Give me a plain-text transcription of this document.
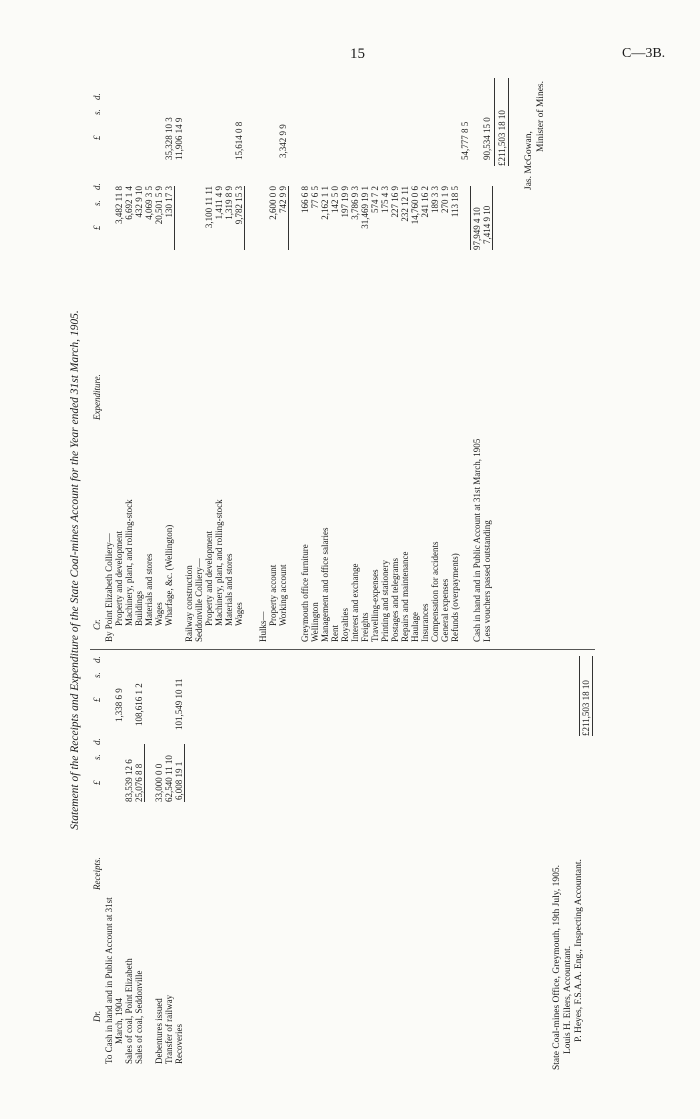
15	C—3B.
Statement of the Receipts and Expenditure of the State Coal-mines Account for the Year ended 31st March, 1905.
Dr.
Receipts.
£
s.
d.
£
s.
d.
To Cash in hand and in Public Account at 31st March, 1904
1,338 6 9
Sales of coal, Point Elizabeth
83,539 12 6
Sales of coal, Seddonville
25,076 8 8
108,616 1 2
Debentures issued
33,000 0 0
Transfer of railway
62,540 11 10
Recoveries
6,008 19 1
101,549 10 11	£211,503 18 10
Cr.
Expenditure.
£
s.
d.
£
s.
d.
By Point Elizabeth Colliery— Property and development
3,482 11 8
Machinery, plant, and rolling-stock
6,692 1 4
Buildings
432 9 10
Materials and stores
4,069 3 5
Wages
20,501 5 9
Wharfage, &c. (Wellington)
130 17 3
35,328 10 3
Railway construction
11,906 14 9
Seddonville Colliery— Property and development
3,100 11 11
Machinery, plant, and rolling-stock
1,411 4 9
Materials and stores
1,319 8 9
Wages
9,782 15 3
15,614 0 8
Hulks—
Property account
2,600 0 0
Working account
742 9 9
3,342 9 9
Greymouth office furniture
166 6 8
Wellington
77 6 5
Management and office salaries
2,162 1 1
Rent
142 5 0
Royalties
197 19 9
Interest and exchange
3,786 9 3
Freights
31,469 19 1
Travelling-expenses
574 7 2
Printing and stationery
175 4 3
Postages and telegrams
227 16 9
Repairs and maintenance
232 12 11
Haulage
14,760 0 6
Insurances
241 16 2
Compensation for accidents
189 3 3
General expenses
270 1 9
Refunds (overpayments)
113 18 5
97,949 4 10
54,777 8 5
Cash in hand and in Public Account at 31st March, 1905 Less vouchers passed outstanding
7,414 9 10
90,534 15 0 £211,503 18 10
State Coal-mines Office, Greymouth, 19th July, 1905. Louis H. Eilers, Accountant. P. Heyes, F.S.A.A. Eng., Inspecting Accountant.
Jas. McGowan,
Minister of Mines.
